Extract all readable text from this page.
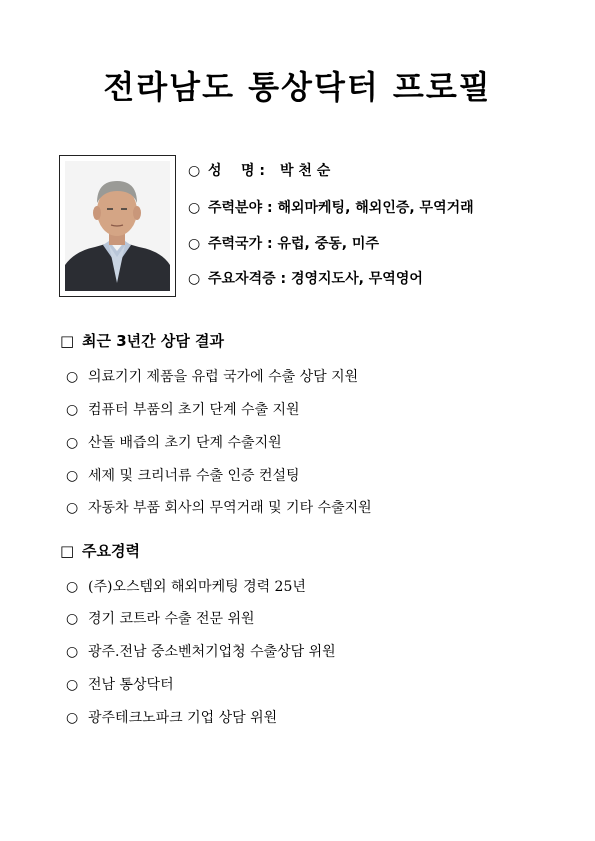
전라남도 통상닥터 프로필
○ 성    명 : 박 천 순
○ 주력분야 : 해외마케팅, 해외인증, 무역거래
○ 주력국가 : 유럽, 중동, 미주
○ 주요자격증 : 경영지도사, 무역영어
□ 최근 3년간 상담 결과
○ 의료기기 제품을 유럽 국가에 수출 상담 지원
○ 컴퓨터 부품의 초기 단계 수출 지원
○ 산돌 배즙의 초기 단계 수출지원
○ 세제 및 크리너류 수출 인증 컨설팅
○ 자동차 부품 회사의 무역거래 및 기타 수출지원
□ 주요경력
○ (주)오스템외 해외마케팅 경력 25년
○ 경기 코트라 수출 전문 위원
○ 광주.전남 중소벤처기업청 수출상담 위원
○ 전남 통상닥터
○ 광주테크노파크 기업 상담 위원
